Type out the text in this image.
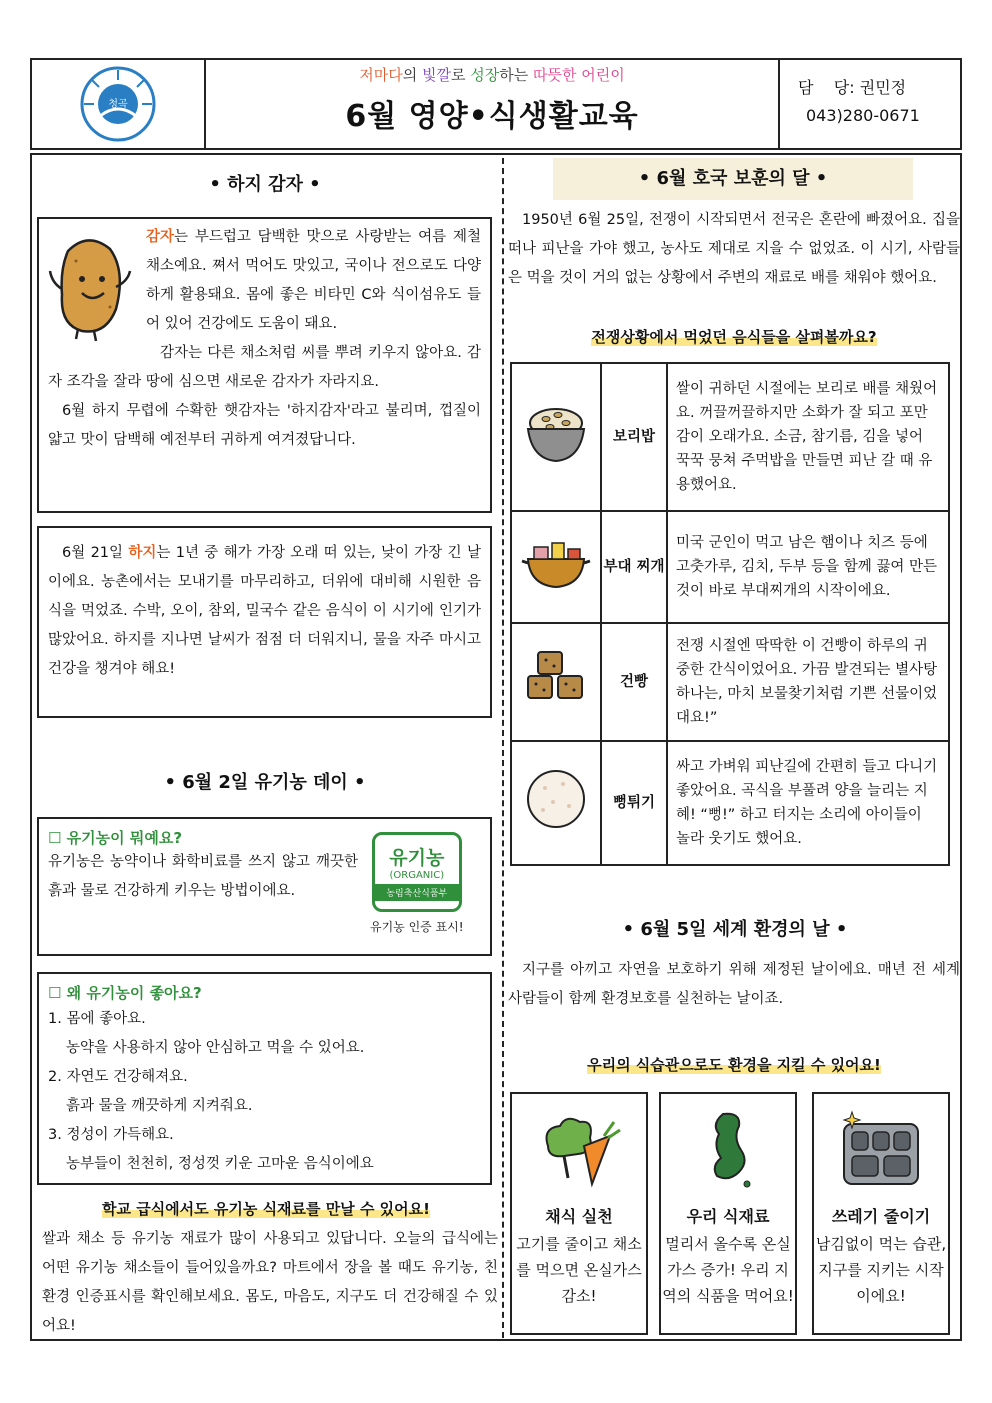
청곡
저마다의 빛깔로 성장하는 따뜻한 어린이
6월 영양•식생활교육
담    당: 권민정
043)280-0671
• 하지 감자 •
감자는 부드럽고 담백한 맛으로 사랑받는 여름 제철 채소예요. 쪄서 먹어도 맛있고, 국이나 전으로도 다양하게 활용돼요. 몸에 좋은 비타민 C와 식이섬유도 들어 있어 건강에도 도움이 돼요.
감자는 다른 채소처럼 씨를 뿌려 키우지 않아요. 감자 조각을 잘라 땅에 심으면 새로운 감자가 자라지요.
6월 하지 무렵에 수확한 햇감자는 '하지감자'라고 불리며, 껍질이 얇고 맛이 담백해 예전부터 귀하게 여겨졌답니다.
6월 21일 하지는 1년 중 해가 가장 오래 떠 있는, 낮이 가장 긴 날이에요. 농촌에서는 모내기를 마무리하고, 더위에 대비해 시원한 음식을 먹었죠. 수박, 오이, 참외, 밀국수 같은 음식이 이 시기에 인기가 많았어요. 하지를 지나면 날씨가 점점 더 더워지니, 물을 자주 마시고 건강을 챙겨야 해요!
• 6월 2일 유기농 데이 •
☐ 유기농이 뭐예요?
유기농은 농약이나 화학비료를 쓰지 않고 깨끗한 흙과 물로 건강하게 키우는 방법이에요.
유기농
(ORGANIC)
농림축산식품부
유기농 인증 표시!
☐ 왜 유기농이 좋아요?
1. 몸에 좋아요.
농약을 사용하지 않아 안심하고 먹을 수 있어요.
2. 자연도 건강해져요.
흙과 물을 깨끗하게 지켜줘요.
3. 정성이 가득해요.
농부들이 천천히, 정성껏 키운 고마운 음식이에요
학교 급식에서도 유기농 식재료를 만날 수 있어요!
쌀과 채소 등 유기농 재료가 많이 사용되고 있답니다. 오늘의 급식에는 어떤 유기농 채소들이 들어있을까요? 마트에서 장을 볼 때도 유기농, 친환경 인증표시를 확인해보세요. 몸도, 마음도, 지구도 더 건강해질 수 있어요!
• 6월 호국 보훈의 달 •
1950년 6월 25일, 전쟁이 시작되면서 전국은 혼란에 빠졌어요. 집을 떠나 피난을 가야 했고, 농사도 제대로 지을 수 없었죠. 이 시기, 사람들은 먹을 것이 거의 없는 상황에서 주변의 재료로 배를 채워야 했어요.
전쟁상황에서 먹었던 음식들을 살펴볼까요?
	보리밥	쌀이 귀하던 시절에는 보리로 배를 채웠어요. 꺼끌꺼끌하지만 소화가 잘 되고 포만감이 오래가요. 소금, 참기름, 김을 넣어 꾹꾹 뭉쳐 주먹밥을 만들면 피난 갈 때 유용했어요.
	부대 찌개	미국 군인이 먹고 남은 햄이나 치즈 등에 고춧가루, 김치, 두부 등을 함께 끓여 만든 것이 바로 부대찌개의 시작이에요.
	건빵	전쟁 시절엔 딱딱한 이 건빵이 하루의 귀중한 간식이었어요. 가끔 발견되는 별사탕 하나는, 마치 보물찾기처럼 기쁜 선물이었대요!”
	뻥튀기	싸고 가벼워 피난길에 간편히 들고 다니기 좋았어요. 곡식을 부풀려 양을 늘리는 지혜! “뻥!” 하고 터지는 소리에 아이들이 놀라 웃기도 했어요.
• 6월 5일 세계 환경의 날 •
지구를 아끼고 자연을 보호하기 위해 제정된 날이에요. 매년 전 세계 사람들이 함께 환경보호를 실천하는 날이죠.
우리의 식습관으로도 환경을 지킬 수 있어요!
채식 실천
고기를 줄이고 채소를 먹으면 온실가스 감소!
우리 식재료
멀리서 올수록 온실가스 증가! 우리 지역의 식품을 먹어요!
쓰레기 줄이기
남김없이 먹는 습관, 지구를 지키는 시작이에요!
